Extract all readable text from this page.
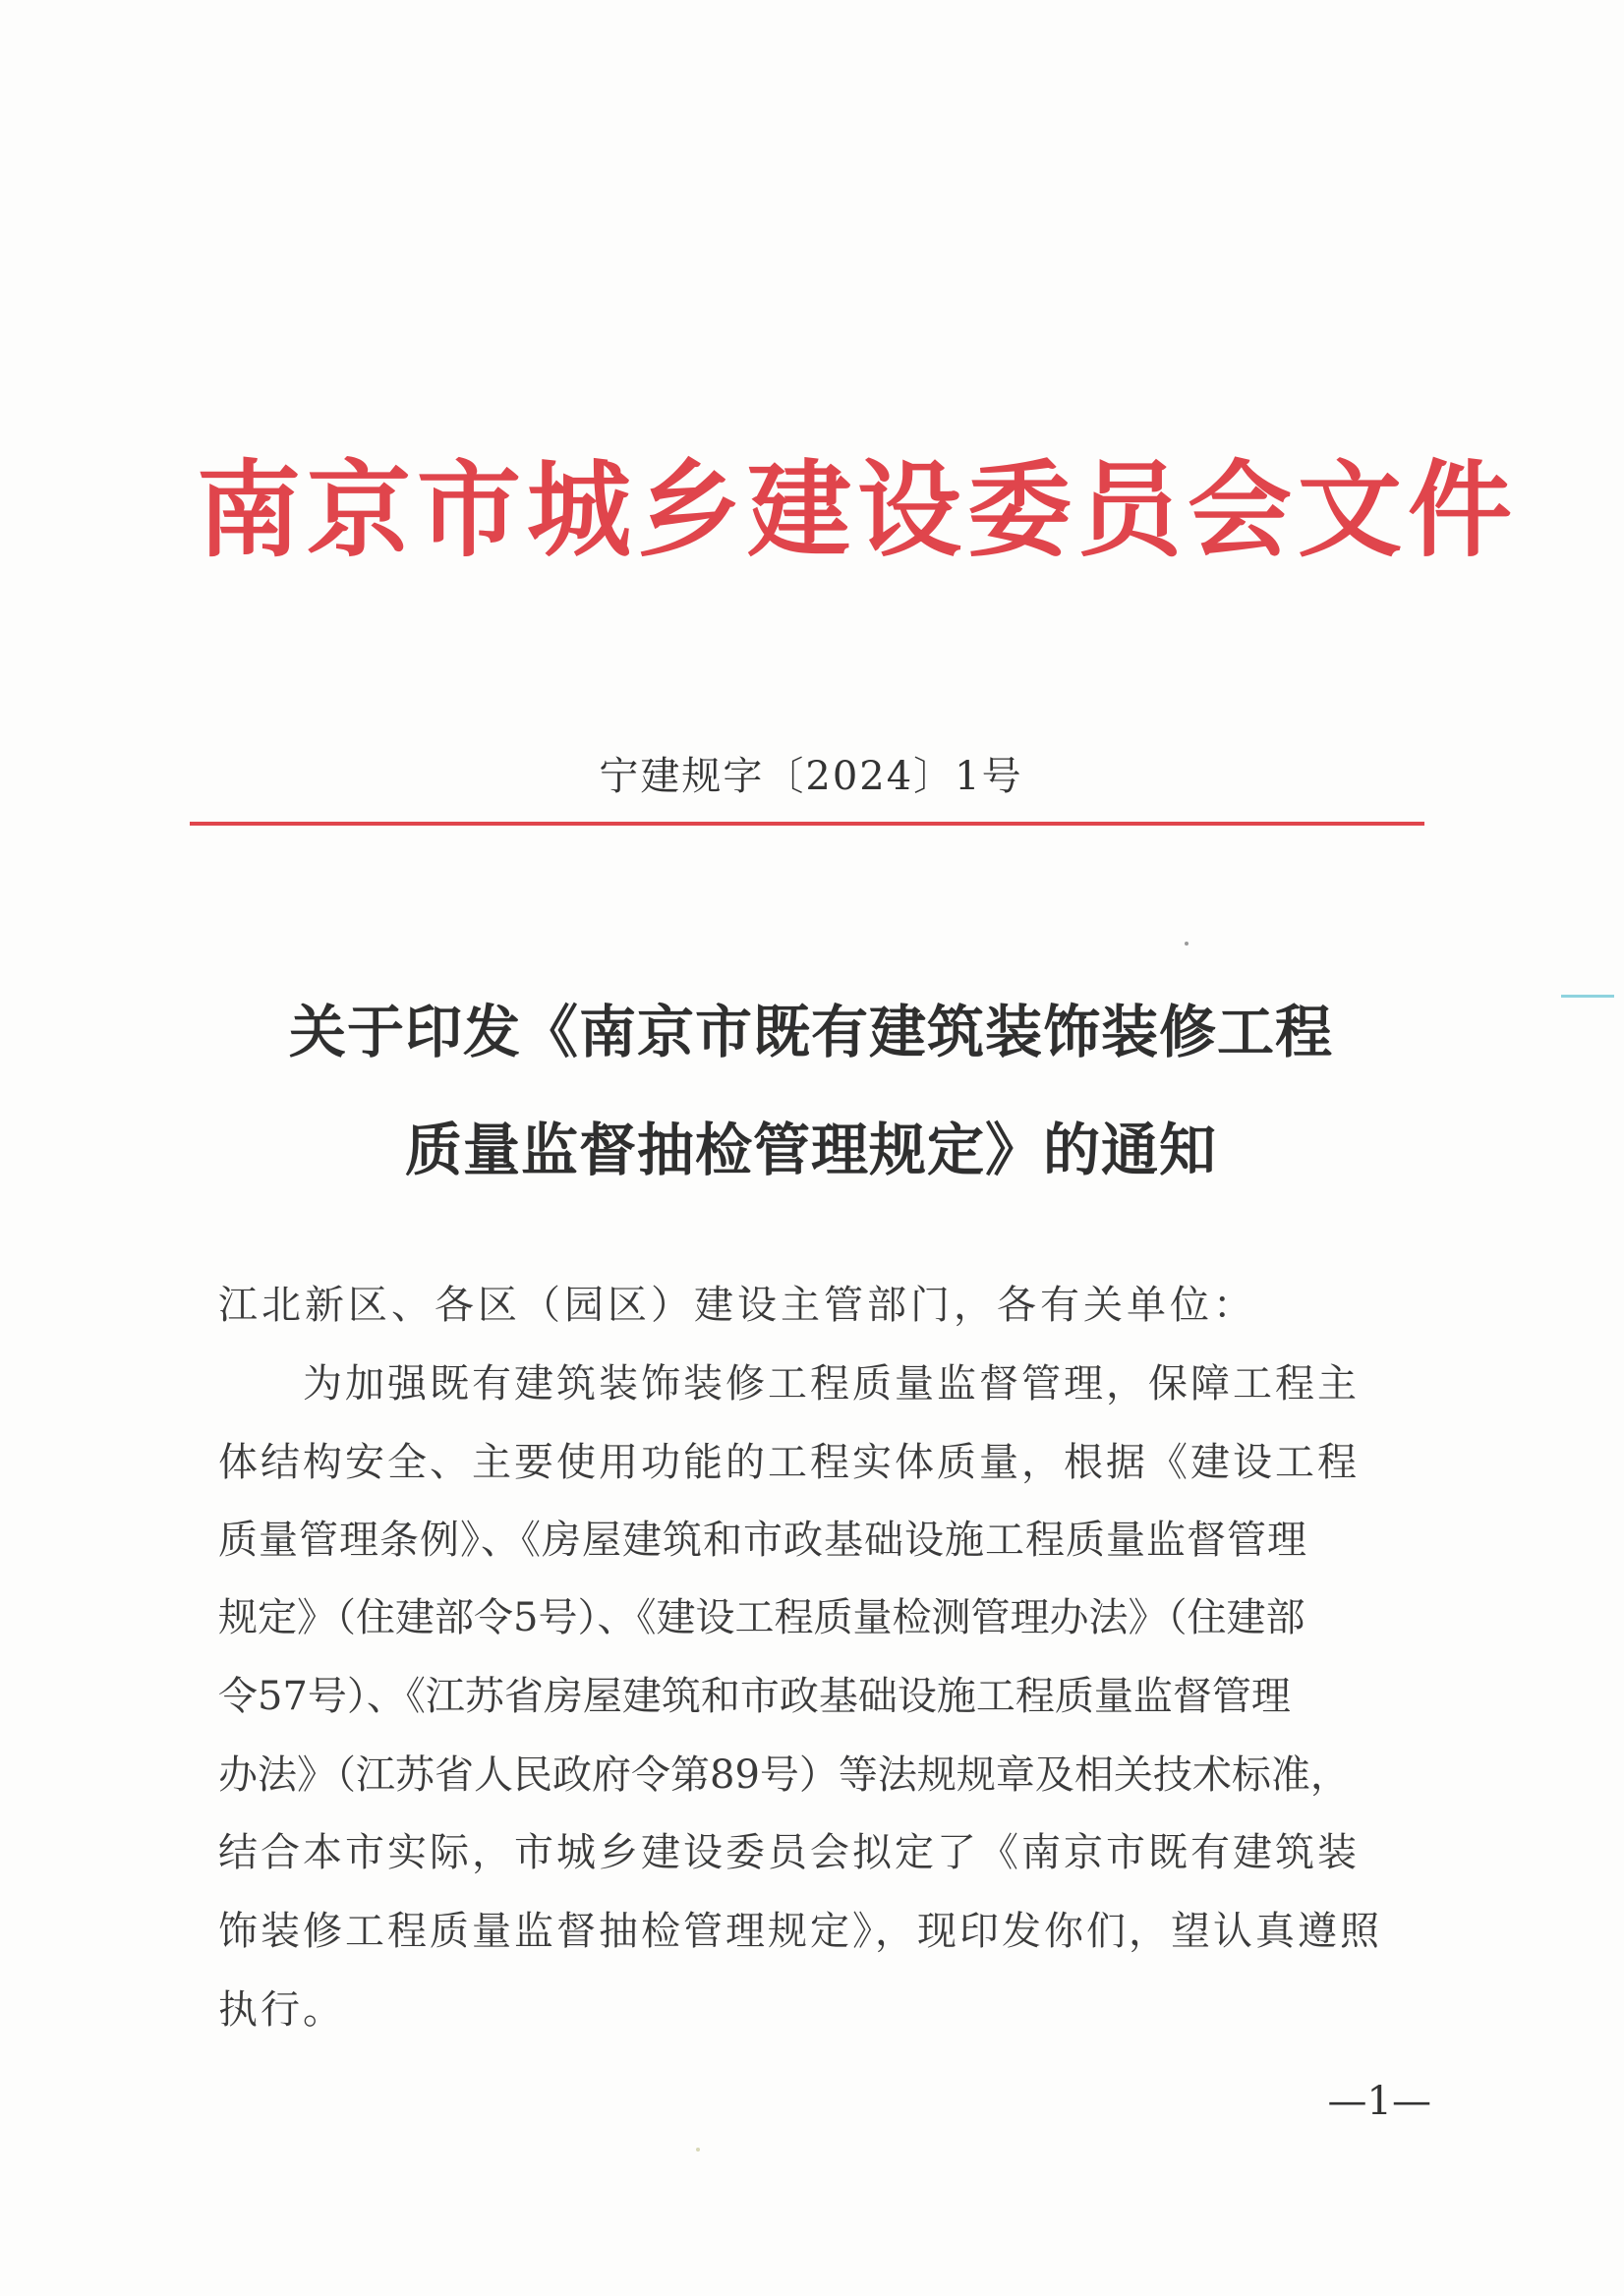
南京市城乡建设委员会文件
宁建规字〔2024〕1号
关于印发《南京市既有建筑装饰装修工程
质量监督抽检管理规定》的通知
江北新区、各区（园区）建设主管部门，各有关单位：
　　为加强既有建筑装饰装修工程质量监督管理，保障工程主
体结构安全、主要使用功能的工程实体质量，根据《建设工程
质量管理条例》、《房屋建筑和市政基础设施工程质量监督管理
规定》（住建部令5号）、《建设工程质量检测管理办法》（住建部
令57号）、《江苏省房屋建筑和市政基础设施工程质量监督管理
办法》（江苏省人民政府令第89号）等法规规章及相关技术标准，
结合本市实际，市城乡建设委员会拟定了《南京市既有建筑装
饰装修工程质量监督抽检管理规定》，现印发你们，望认真遵照
执行。
—1—
